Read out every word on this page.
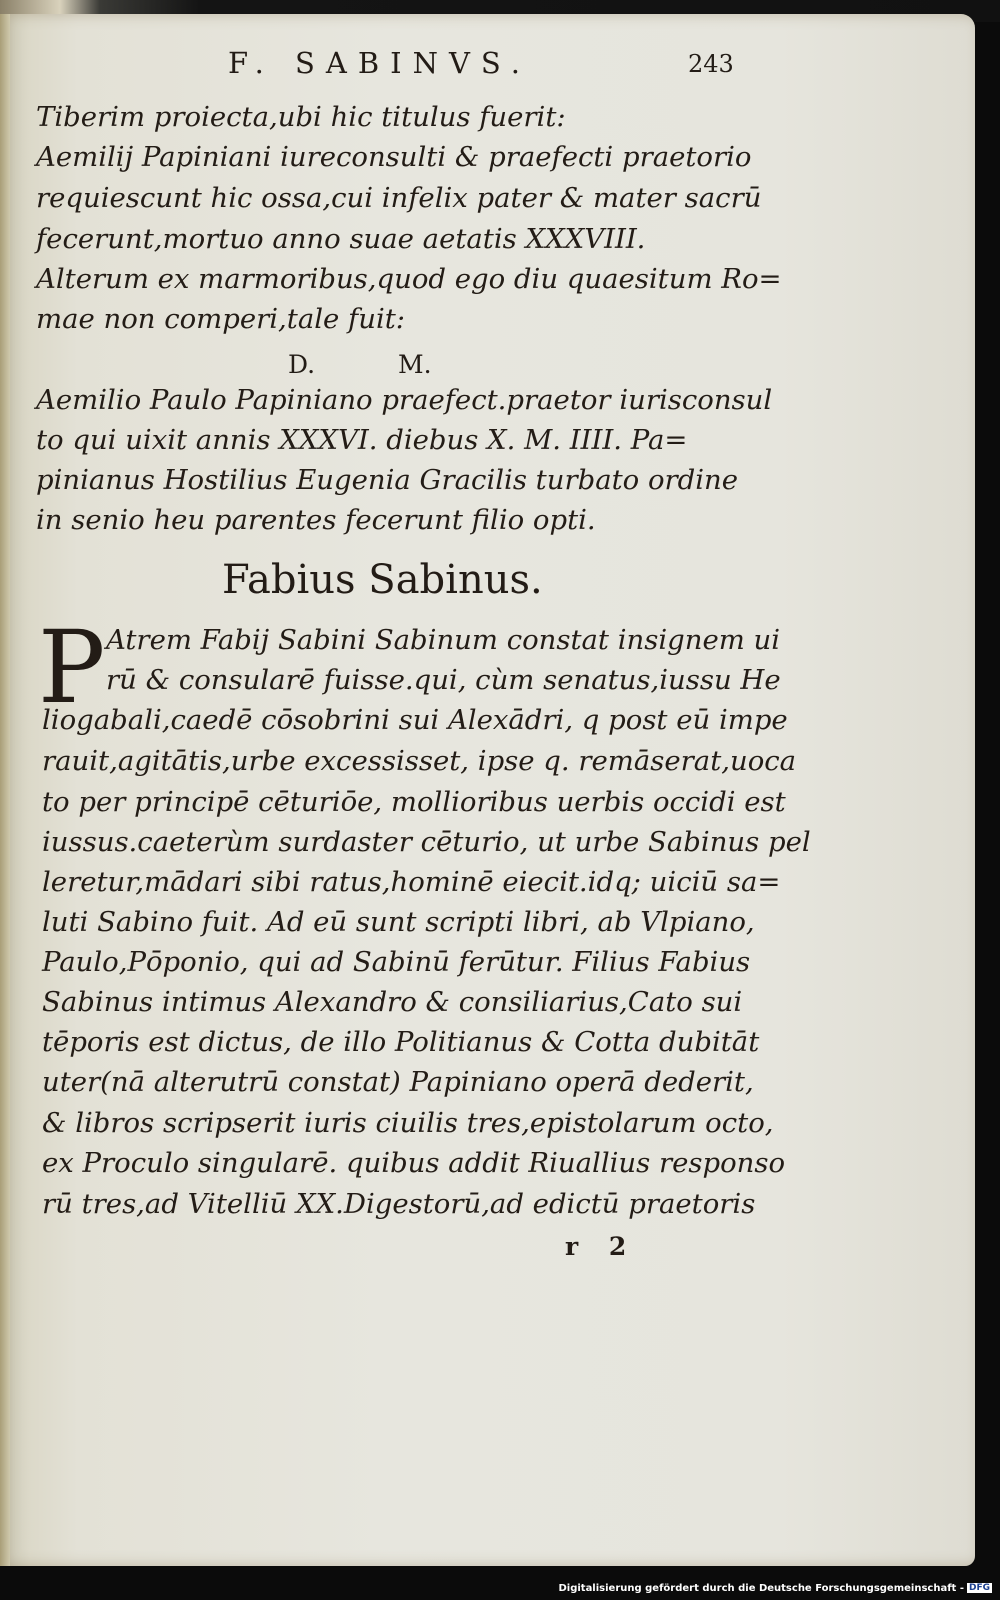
F. SABINVS.	243
Tiberim proiecta,ubi hic titulus fuerit:
Aemilij Papiniani iureconsulti & praefecti praetorio
requiescunt hic ossa,cui infelix pater & mater sacrū
fecerunt,mortuo anno suae aetatis XXXVIII.
Alterum ex marmoribus,quod ego diu quaesitum Ro=
mae non comperi,tale fuit:
D.	M.
Aemilio Paulo Papiniano praefect.praetor iurisconsul
to qui uixit annis XXXVI. diebus X. M. IIII. Pa=
pinianus Hostilius Eugenia Gracilis turbato ordine
in senio heu parentes fecerunt filio opti.
Fabius Sabinus.
P Atrem Fabij Sabini Sabinum constat insignem ui
rū & consularē fuisse.qui, cùm senatus,iussu He
liogabali,caedē cōsobrini sui Alexādri, q post eū impe
rauit,agitātis,urbe excessisset, ipse q. remāserat,uoca
to per principē cēturiōe, mollioribus uerbis occidi est
iussus.caeterùm surdaster cēturio, ut urbe Sabinus pel
leretur,mādari sibi ratus,hominē eiecit.idq; uiciū sa=
luti Sabino fuit. Ad eū sunt scripti libri, ab Vlpiano,
Paulo,Pōponio, qui ad Sabinū ferūtur. Filius Fabius
Sabinus intimus Alexandro & consiliarius,Cato sui
tēporis est dictus, de illo Politianus & Cotta dubitāt
uter(nā alterutrū constat) Papiniano operā dederit,
& libros scripserit iuris ciuilis tres,epistolarum octo,
ex Proculo singularē. quibus addit Riuallius responso
rū tres,ad Vitelliū XX.Digestorū,ad edictū praetoris
r 2
Digitalisierung gefördert durch die Deutsche Forschungsgemeinschaft - DFG
